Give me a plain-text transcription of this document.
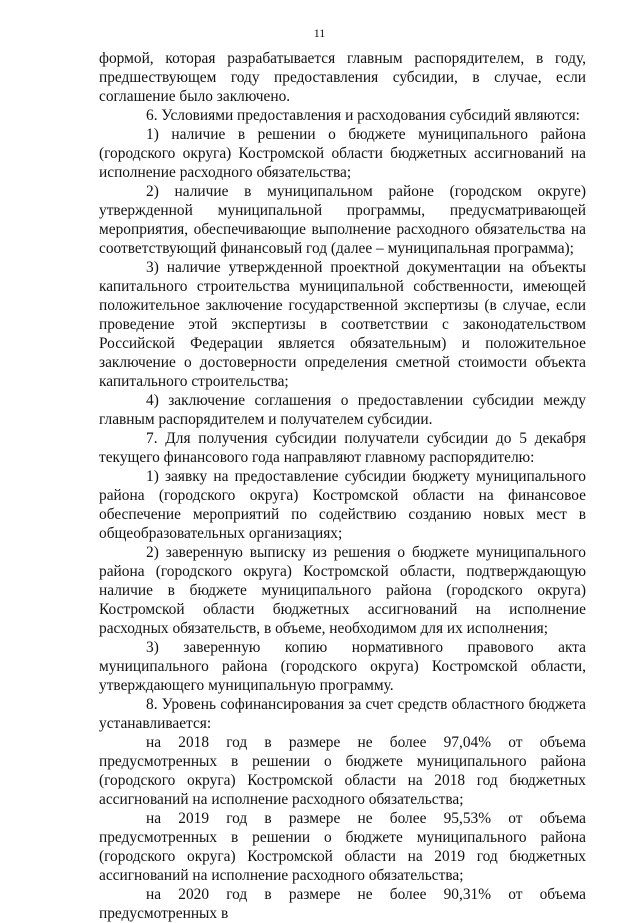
11

формой, которая разрабатывается главным распорядителем, в году, предшествующем году предоставления субсидии, в случае, если соглашение было заключено.

6. Условиями предоставления и расходования субсидий являются:

1) наличие в решении о бюджете муниципального района (городского округа) Костромской области бюджетных ассигнований на исполнение расходного обязательства;

2) наличие в муниципальном районе (городском округе) утвержденной муниципальной программы, предусматривающей мероприятия, обеспечивающие выполнение расходного обязательства на соответствующий финансовый год (далее – муниципальная программа);

3) наличие утвержденной проектной документации на объекты капитального строительства муниципальной собственности, имеющей положительное заключение государственной экспертизы (в случае, если проведение этой экспертизы в соответствии с законодательством Российской Федерации является обязательным) и положительное заключение о достоверности определения сметной стоимости объекта капитального строительства;

4) заключение соглашения о предоставлении субсидии между главным распорядителем и получателем субсидии.

7. Для получения субсидии получатели субсидии до 5 декабря текущего финансового года направляют главному распорядителю:

1) заявку на предоставление субсидии бюджету муниципального района (городского округа) Костромской области на финансовое обеспечение мероприятий по содействию созданию новых мест в общеобразовательных организациях;

2) заверенную выписку из решения о бюджете муниципального района (городского округа) Костромской области, подтверждающую наличие в бюджете муниципального района (городского округа) Костромской области бюджетных ассигнований на исполнение расходных обязательств, в объеме, необходимом для их исполнения;

3) заверенную копию нормативного правового акта муниципального района (городского округа) Костромской области, утверждающего муниципальную программу.

8. Уровень софинансирования за счет средств областного бюджета устанавливается:

на 2018 год в размере не более 97,04% от объема предусмотренных в решении о бюджете муниципального района (городского округа) Костромской области на 2018 год бюджетных ассигнований на исполнение расходного обязательства;

на 2019 год в размере не более 95,53% от объема предусмотренных в решении о бюджете муниципального района (городского округа) Костромской области на 2019 год бюджетных ассигнований на исполнение расходного обязательства;

на 2020 год в размере не более 90,31% от объема предусмотренных в
